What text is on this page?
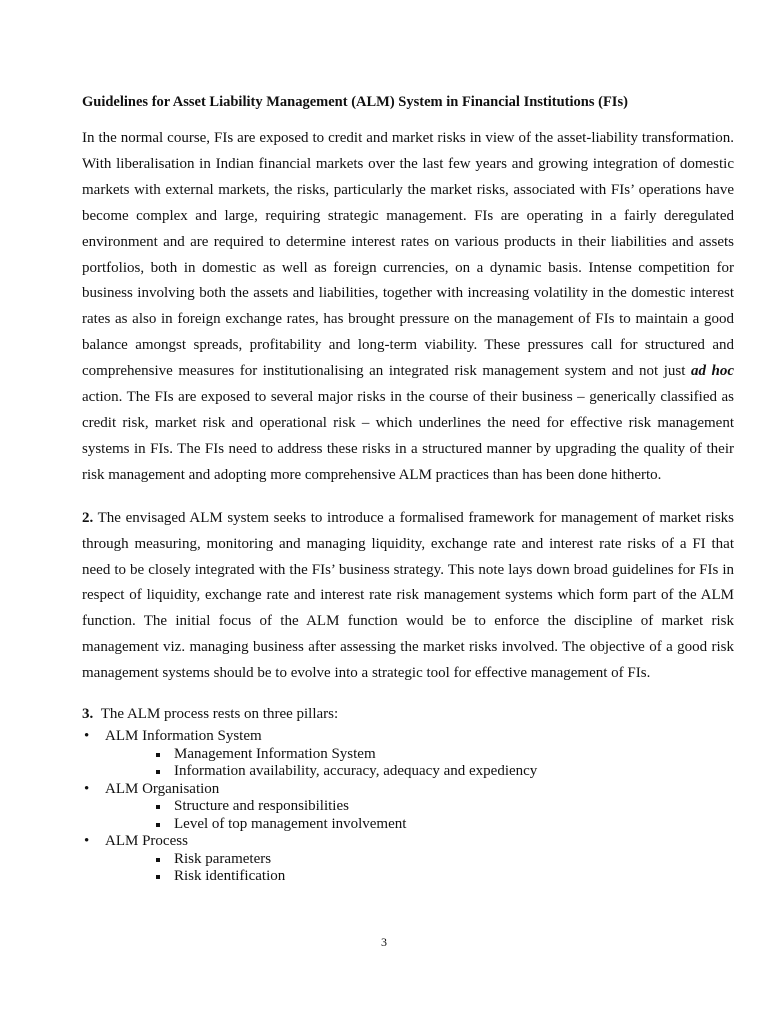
Guidelines for Asset Liability Management (ALM) System in Financial Institutions (FIs)

In the normal course, FIs are exposed to credit and market risks in view of the asset-liability transformation. With liberalisation in Indian financial markets over the last few years and growing integration of domestic markets with external markets, the risks, particularly the market risks, associated with FIs’ operations have become complex and large, requiring strategic management. FIs are operating in a fairly deregulated environment and are required to determine interest rates on various products in their liabilities and assets portfolios, both in domestic as well as foreign currencies, on a dynamic basis. Intense competition for business involving both the assets and liabilities, together with increasing volatility in the domestic interest rates as also in foreign exchange rates, has brought pressure on the management of FIs to maintain a good balance amongst spreads, profitability and long-term viability. These pressures call for structured and comprehensive measures for institutionalising an integrated risk management system and not just ad hoc action. The FIs are exposed to several major risks in the course of their business – generically classified as credit risk, market risk and operational risk – which underlines the need for effective risk management systems in FIs. The FIs need to address these risks in a structured manner by upgrading the quality of their risk management and adopting more comprehensive ALM practices than has been done hitherto.

2. The envisaged ALM system seeks to introduce a formalised framework for management of market risks through measuring, monitoring and managing liquidity, exchange rate and interest rate risks of a FI that need to be closely integrated with the FIs’ business strategy. This note lays down broad guidelines for FIs in respect of liquidity, exchange rate and interest rate risk management systems which form part of the ALM function. The initial focus of the ALM function would be to enforce the discipline of market risk management viz. managing business after assessing the market risks involved. The objective of a good risk management systems should be to evolve into a strategic tool for effective management of FIs.

3. The ALM process rests on three pillars:

• ALM Information System
Management Information System
Information availability, accuracy, adequacy and expediency
• ALM Organisation
Structure and responsibilities
Level of top management involvement
• ALM Process
Risk parameters
Risk identification
3
